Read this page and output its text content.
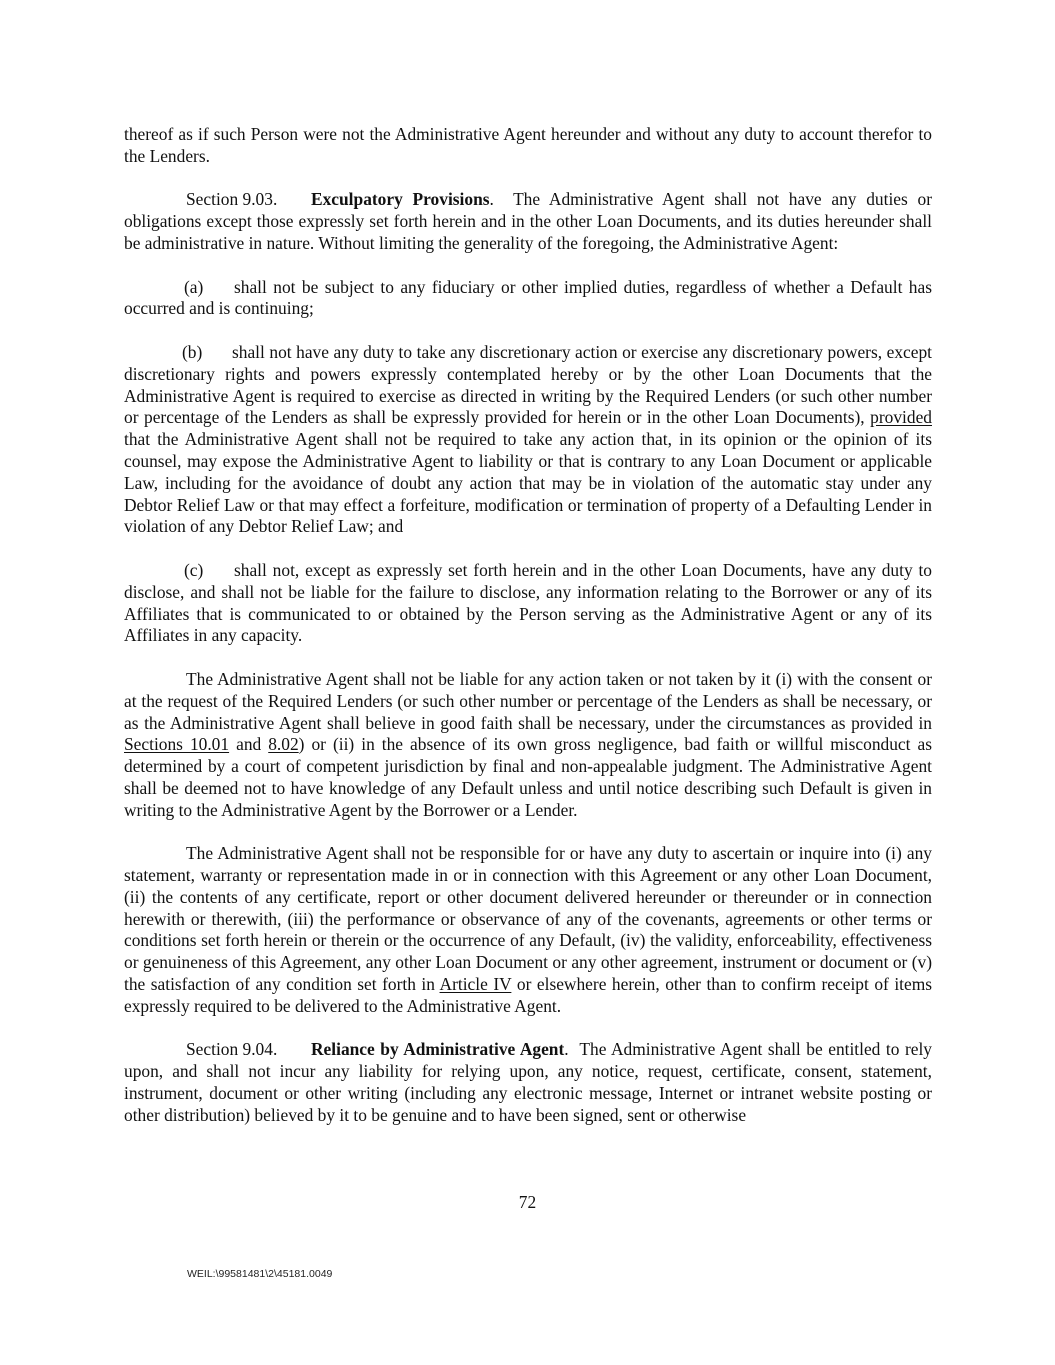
thereof as if such Person were not the Administrative Agent hereunder and without any duty to account therefor to the Lenders.

Section 9.03. Exculpatory Provisions. The Administrative Agent shall not have any duties or obligations except those expressly set forth herein and in the other Loan Documents, and its duties hereunder shall be administrative in nature. Without limiting the generality of the foregoing, the Administrative Agent:

(a) shall not be subject to any fiduciary or other implied duties, regardless of whether a Default has occurred and is continuing;

(b) shall not have any duty to take any discretionary action or exercise any discretionary powers, except discretionary rights and powers expressly contemplated hereby or by the other Loan Documents that the Administrative Agent is required to exercise as directed in writing by the Required Lenders (or such other number or percentage of the Lenders as shall be expressly provided for herein or in the other Loan Documents), provided that the Administrative Agent shall not be required to take any action that, in its opinion or the opinion of its counsel, may expose the Administrative Agent to liability or that is contrary to any Loan Document or applicable Law, including for the avoidance of doubt any action that may be in violation of the automatic stay under any Debtor Relief Law or that may effect a forfeiture, modification or termination of property of a Defaulting Lender in violation of any Debtor Relief Law; and

(c) shall not, except as expressly set forth herein and in the other Loan Documents, have any duty to disclose, and shall not be liable for the failure to disclose, any information relating to the Borrower or any of its Affiliates that is communicated to or obtained by the Person serving as the Administrative Agent or any of its Affiliates in any capacity.

The Administrative Agent shall not be liable for any action taken or not taken by it (i) with the consent or at the request of the Required Lenders (or such other number or percentage of the Lenders as shall be necessary, or as the Administrative Agent shall believe in good faith shall be necessary, under the circumstances as provided in Sections 10.01 and 8.02) or (ii) in the absence of its own gross negligence, bad faith or willful misconduct as determined by a court of competent jurisdiction by final and non-appealable judgment. The Administrative Agent shall be deemed not to have knowledge of any Default unless and until notice describing such Default is given in writing to the Administrative Agent by the Borrower or a Lender.

The Administrative Agent shall not be responsible for or have any duty to ascertain or inquire into (i) any statement, warranty or representation made in or in connection with this Agreement or any other Loan Document, (ii) the contents of any certificate, report or other document delivered hereunder or thereunder or in connection herewith or therewith, (iii) the performance or observance of any of the covenants, agreements or other terms or conditions set forth herein or therein or the occurrence of any Default, (iv) the validity, enforceability, effectiveness or genuineness of this Agreement, any other Loan Document or any other agreement, instrument or document or (v) the satisfaction of any condition set forth in Article IV or elsewhere herein, other than to confirm receipt of items expressly required to be delivered to the Administrative Agent.

Section 9.04. Reliance by Administrative Agent. The Administrative Agent shall be entitled to rely upon, and shall not incur any liability for relying upon, any notice, request, certificate, consent, statement, instrument, document or other writing (including any electronic message, Internet or intranet website posting or other distribution) believed by it to be genuine and to have been signed, sent or otherwise

72
WEIL:\99581481\2\45181.0049
